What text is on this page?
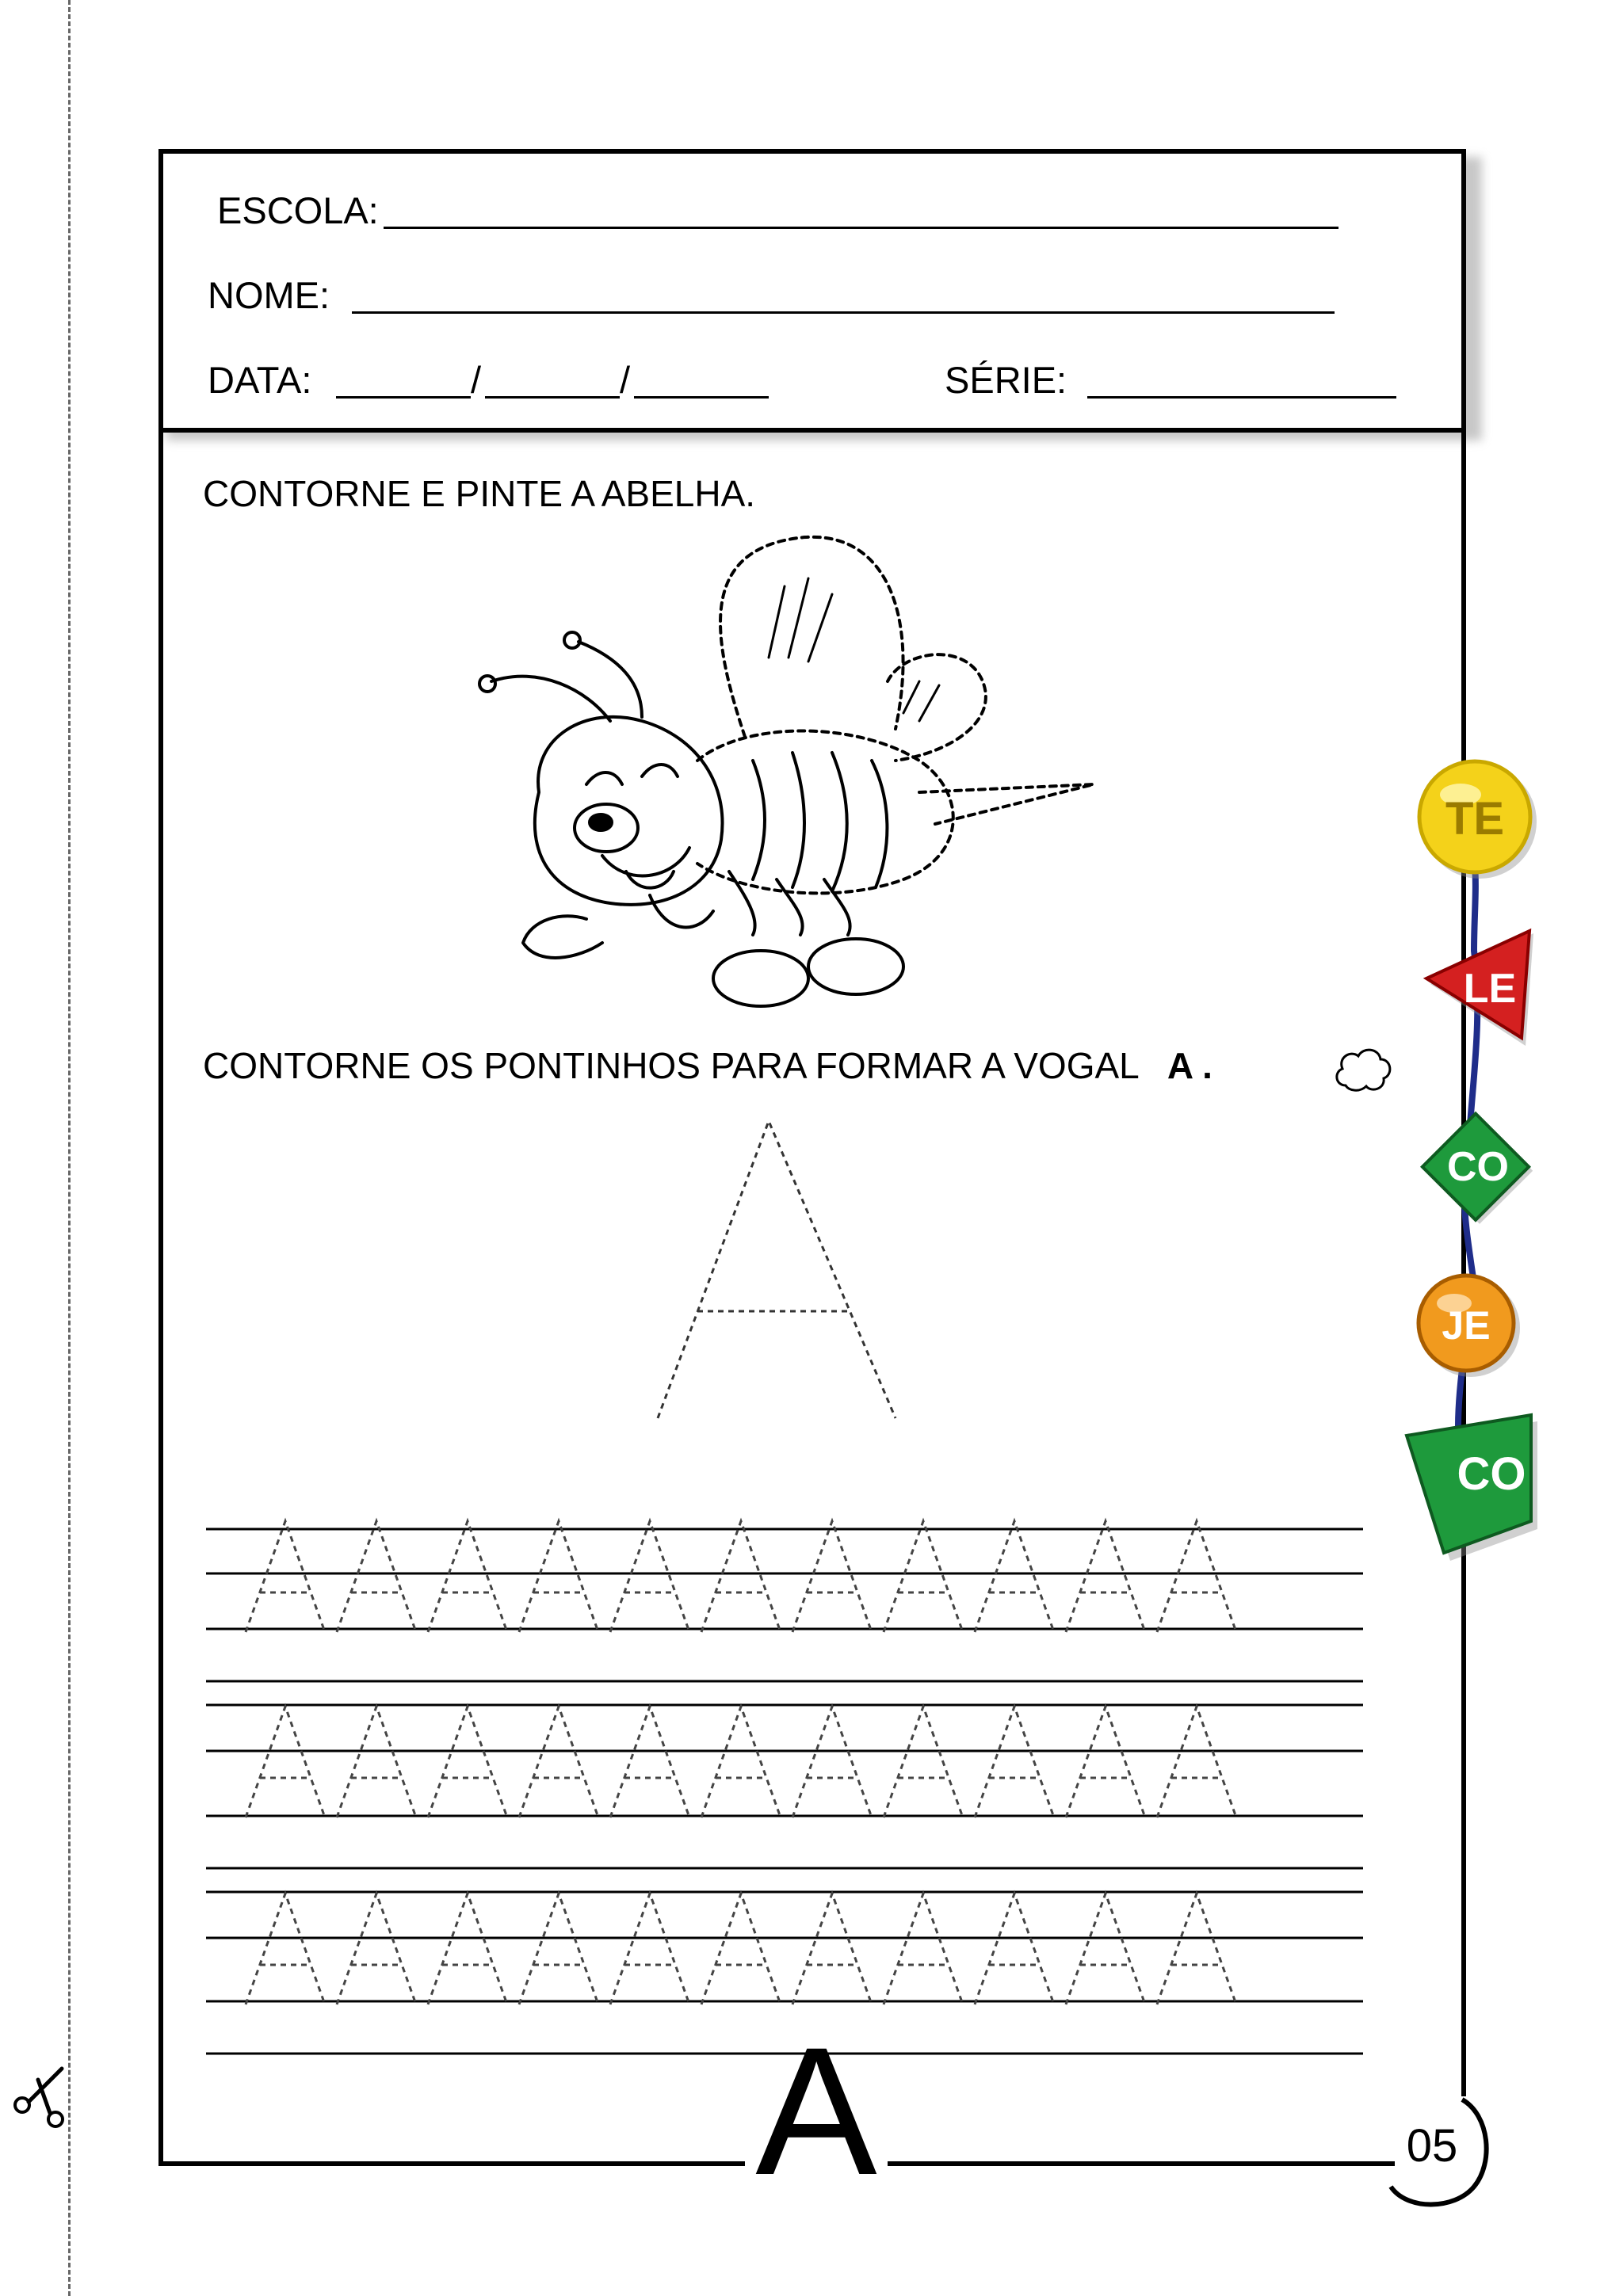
ESCOLA:
NOME:
DATA:	/	/	SÉRIE:
CONTORNE E PINTE A ABELHA.
CONTORNE OS PONTINHOS PARA FORMAR A VOGAL A .
A	05
TE
LE
CO
JE
CO
